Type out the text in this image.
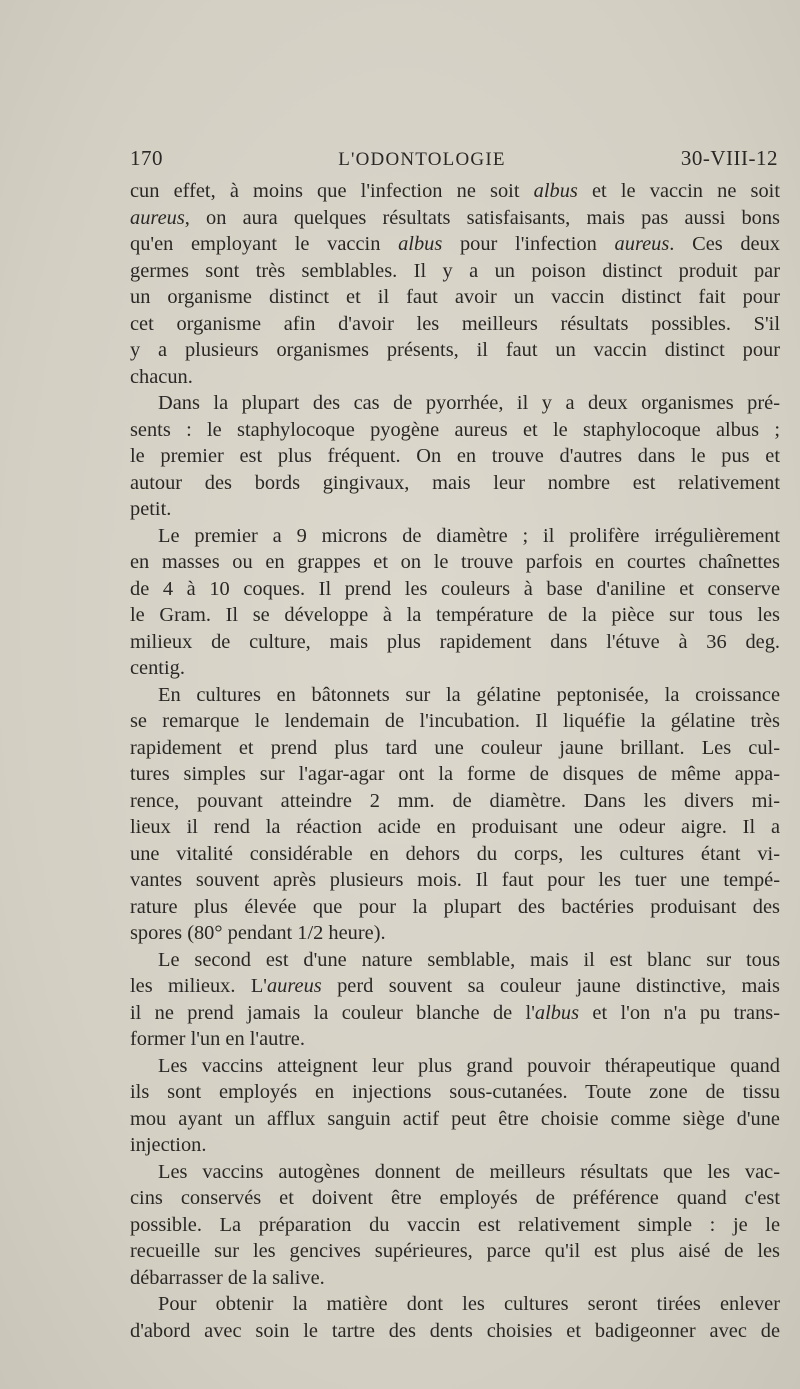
170	L'ODONTOLOGIE	30-VIII-12
cun effet, à moins que l'infection ne soit albus et le vaccin ne soit
aureus, on aura quelques résultats satisfaisants, mais pas aussi bons
qu'en employant le vaccin albus pour l'infection aureus. Ces deux
germes sont très semblables. Il y a un poison distinct produit par
un organisme distinct et il faut avoir un vaccin distinct fait pour
cet organisme afin d'avoir les meilleurs résultats possibles. S'il
y a plusieurs organismes présents, il faut un vaccin distinct pour
chacun.
Dans la plupart des cas de pyorrhée, il y a deux organismes pré-
sents : le staphylocoque pyogène aureus et le staphylocoque albus ;
le premier est plus fréquent. On en trouve d'autres dans le pus et
autour des bords gingivaux, mais leur nombre est relativement
petit.
Le premier a 9 microns de diamètre ; il prolifère irrégulièrement
en masses ou en grappes et on le trouve parfois en courtes chaînettes
de 4 à 10 coques. Il prend les couleurs à base d'aniline et conserve
le Gram. Il se développe à la température de la pièce sur tous les
milieux de culture, mais plus rapidement dans l'étuve à 36 deg.
centig.
En cultures en bâtonnets sur la gélatine peptonisée, la croissance
se remarque le lendemain de l'incubation. Il liquéfie la gélatine très
rapidement et prend plus tard une couleur jaune brillant. Les cul-
tures simples sur l'agar-agar ont la forme de disques de même appa-
rence, pouvant atteindre 2 mm. de diamètre. Dans les divers mi-
lieux il rend la réaction acide en produisant une odeur aigre. Il a
une vitalité considérable en dehors du corps, les cultures étant vi-
vantes souvent après plusieurs mois. Il faut pour les tuer une tempé-
rature plus élevée que pour la plupart des bactéries produisant des
spores (80° pendant 1/2 heure).
Le second est d'une nature semblable, mais il est blanc sur tous
les milieux. L'aureus perd souvent sa couleur jaune distinctive, mais
il ne prend jamais la couleur blanche de l'albus et l'on n'a pu trans-
former l'un en l'autre.
Les vaccins atteignent leur plus grand pouvoir thérapeutique quand
ils sont employés en injections sous-cutanées. Toute zone de tissu
mou ayant un afflux sanguin actif peut être choisie comme siège d'une
injection.
Les vaccins autogènes donnent de meilleurs résultats que les vac-
cins conservés et doivent être employés de préférence quand c'est
possible. La préparation du vaccin est relativement simple : je le
recueille sur les gencives supérieures, parce qu'il est plus aisé de les
débarrasser de la salive.
Pour obtenir la matière dont les cultures seront tirées enlever
d'abord avec soin le tartre des dents choisies et badigeonner avec de
